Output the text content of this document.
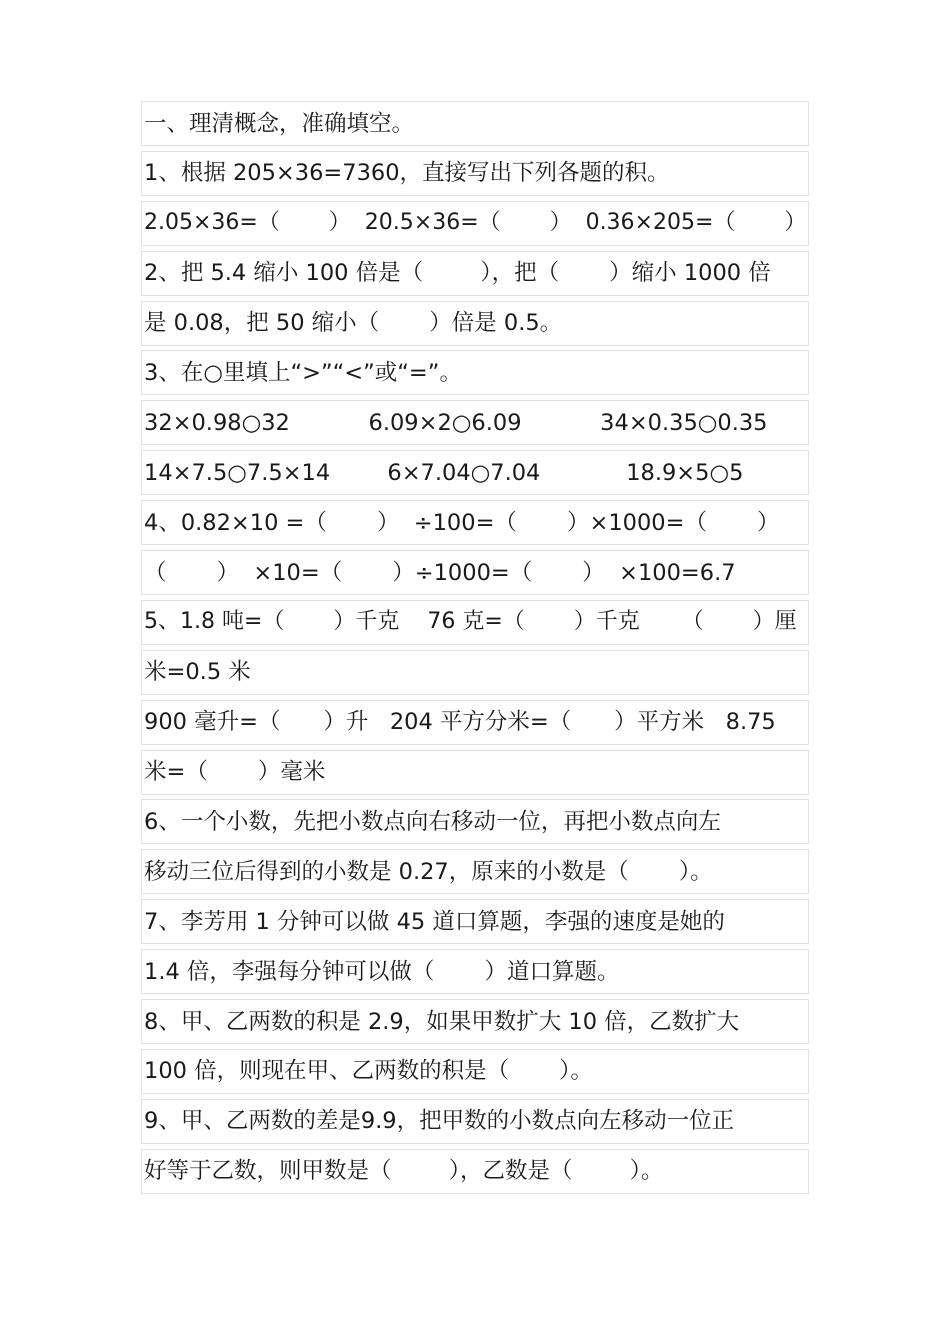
一、理清概念，准确填空。
1、根据 205×36=7360，直接写出下列各题的积。
2.05×36=（       ）  20.5×36=（       ）  0.36×205=（       ）
2、把 5.4 缩小 100 倍是（        ），把（       ）缩小 1000 倍
是 0.08，把 50 缩小（       ）倍是 0.5。
3、在○里填上“>”“<”或“=”。
32×0.98○32           6.09×2○6.09           34×0.35○0.35
14×7.5○7.5×14        6×7.04○7.04            18.9×5○5
4、0.82×10 =（       ）  ÷100=（       ）×1000=（       ）
（       ）  ×10=（       ）÷1000=（       ）  ×100=6.7
5、1.8 吨=（       ）千克    76 克=（       ）千克      （       ）厘
米=0.5 米
900 毫升=（      ）升   204 平方分米=（      ）平方米   8.75
米=（       ）毫米
6、一个小数，先把小数点向右移动一位，再把小数点向左
移动三位后得到的小数是 0.27，原来的小数是（       ）。
7、李芳用 1 分钟可以做 45 道口算题，李强的速度是她的
1.4 倍，李强每分钟可以做（       ）道口算题。
8、甲、乙两数的积是 2.9，如果甲数扩大 10 倍，乙数扩大
100 倍，则现在甲、乙两数的积是（       ）。
9、甲、乙两数的差是9.9，把甲数的小数点向左移动一位正
好等于乙数，则甲数是（        ），乙数是（        ）。
